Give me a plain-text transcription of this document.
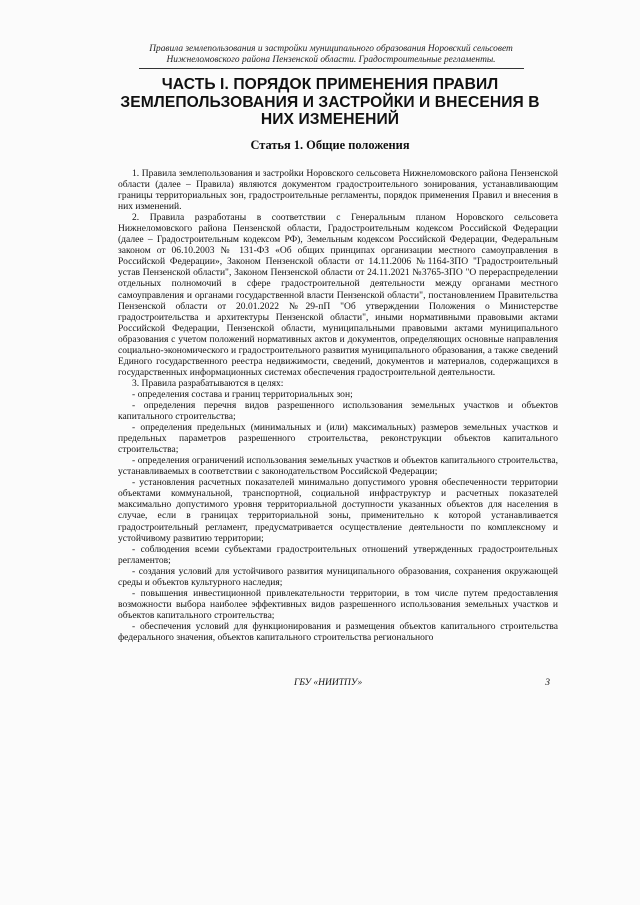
Правила землепользования и застройки муниципального образования Норовский сельсовет
Нижнеломовского района Пензенской области. Градостроительные регламенты.
ЧАСТЬ I. ПОРЯДОК ПРИМЕНЕНИЯ ПРАВИЛ ЗЕМЛЕПОЛЬЗОВАНИЯ И ЗАСТРОЙКИ И ВНЕСЕНИЯ В НИХ ИЗМЕНЕНИЙ
Статья 1. Общие положения

1. Правила землепользования и застройки Норовского сельсовета Нижнеломовского района Пензенской области (далее – Правила) являются документом градостроительного зонирования, устанавливающим границы территориальных зон, градостроительные регламенты, порядок применения Правил и внесения в них изменений.

2. Правила разработаны в соответствии с Генеральным планом Норовского сельсовета Нижнеломовского района Пензенской области, Градостроительным кодексом Российской Федерации (далее – Градостроительным кодексом РФ), Земельным кодексом Российской Федерации, Федеральным законом от 06.10.2003 № 131-ФЗ «Об общих принципах организации местного самоуправления в Российской Федерации», Законом Пензенской области от 14.11.2006 №1164-ЗПО "Градостроительный устав Пензенской области", Законом Пензенской области от 24.11.2021 №3765-ЗПО "О перераспределении отдельных полномочий в сфере градостроительной деятельности между органами местного самоуправления и органами государственной власти Пензенской области", постановлением Правительства Пензенской области от 20.01.2022 №29-пП "Об утверждении Положения о Министерстве градостроительства и архитектуры Пензенской области", иными нормативными правовыми актами Российской Федерации, Пензенской области, муниципальными правовыми актами муниципального образования с учетом положений нормативных актов и документов, определяющих основные направления социально-экономического и градостроительного развития муниципального образования, а также сведений Единого государственного реестра недвижимости, сведений, документов и материалов, содержащихся в государственных информационных системах обеспечения градостроительной деятельности.

3. Правила разрабатываются в целях:

- определения состава и границ территориальных зон;

- определения перечня видов разрешенного использования земельных участков и объектов капитального строительства;

- определения предельных (минимальных и (или) максимальных) размеров земельных участков и предельных параметров разрешенного строительства, реконструкции объектов капитального строительства;

- определения ограничений использования земельных участков и объектов капитального строительства, устанавливаемых в соответствии с законодательством Российской Федерации;

- установления расчетных показателей минимально допустимого уровня обеспеченности территории объектами коммунальной, транспортной, социальной инфраструктур и расчетных показателей максимально допустимого уровня территориальной доступности указанных объектов для населения в случае, если в границах территориальной зоны, применительно к которой устанавливается градостроительный регламент, предусматривается осуществление деятельности по комплексному и устойчивому развитию территории;

- соблюдения всеми субъектами градостроительных отношений утвержденных градостроительных регламентов;

- создания условий для устойчивого развития муниципального образования, сохранения окружающей среды и объектов культурного наследия;

- повышения инвестиционной привлекательности территории, в том числе путем предоставления возможности выбора наиболее эффективных видов разрешенного использования земельных участков и объектов капитального строительства;

- обеспечения условий для функционирования и размещения объектов капитального строительства федерального значения, объектов капитального строительства регионального

ГБУ «НИИТПУ»	3
